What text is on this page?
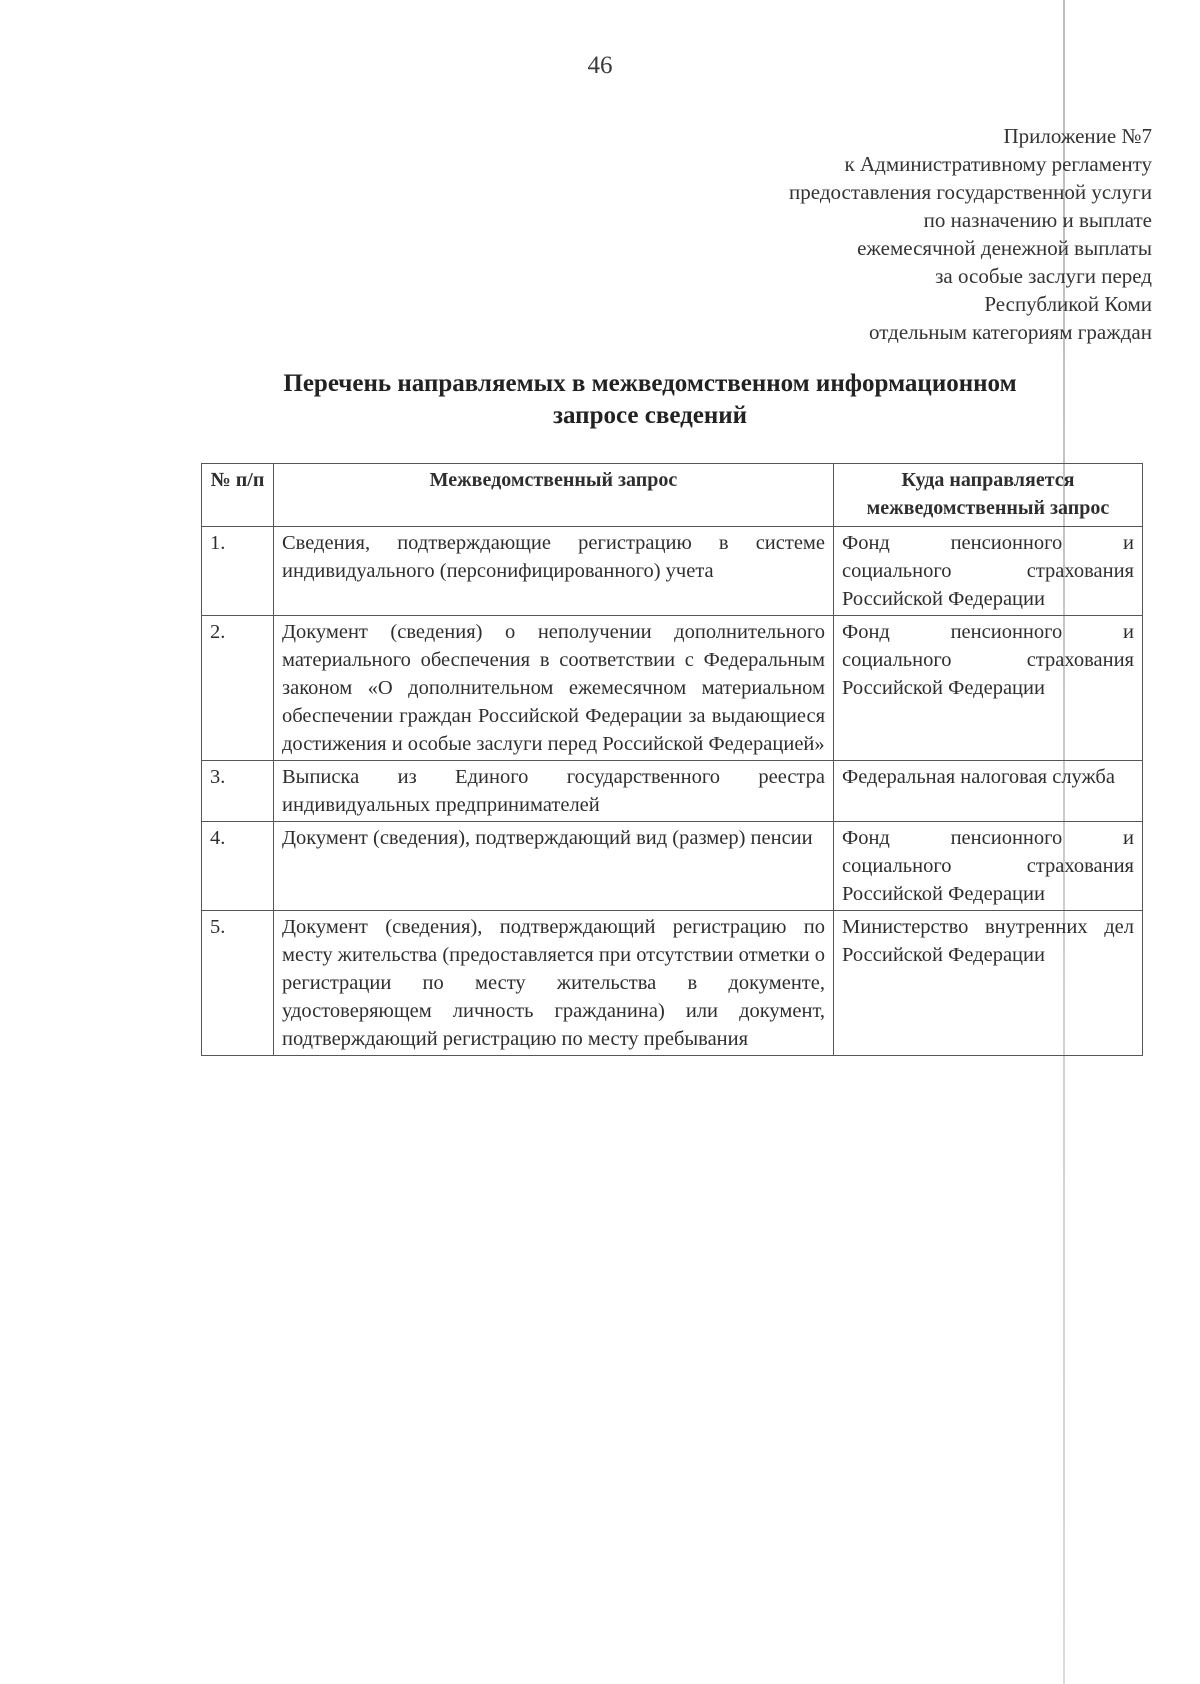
46
Приложение №7
к Административному регламенту
предоставления государственной услуги
по назначению и выплате
ежемесячной денежной выплаты
за особые заслуги перед
Республикой Коми
отдельным категориям граждан
Перечень направляемых в межведомственном информационном
запросе сведений
№ п/п	Межведомственный запрос	Куда направляется межведомственный запрос
1.	Сведения, подтверждающие регистрацию в системе индивидуального (персонифицированного) учета	Фонд пенсионного и социального страхования Российской Федерации
2.	Документ (сведения) о неполучении дополнительного материального обеспечения в соответствии с Федеральным законом «О дополнительном ежемесячном материальном обеспечении граждан Российской Федерации за выдающиеся достижения и особые заслуги перед Российской Федерацией»	Фонд пенсионного и социального страхования Российской Федерации
3.	Выписка из Единого государственного реестра индивидуальных предпринимателей	Федеральная налоговая служба
4.	Документ (сведения), подтверждающий вид (размер) пенсии	Фонд пенсионного и социального страхования Российской Федерации
5.	Документ (сведения), подтверждающий регистрацию по месту жительства (предоставляется при отсутствии отметки о регистрации по месту жительства в документе, удостоверяющем личность гражданина) или документ, подтверждающий регистрацию по месту пребывания	Министерство внутренних дел Российской Федерации
